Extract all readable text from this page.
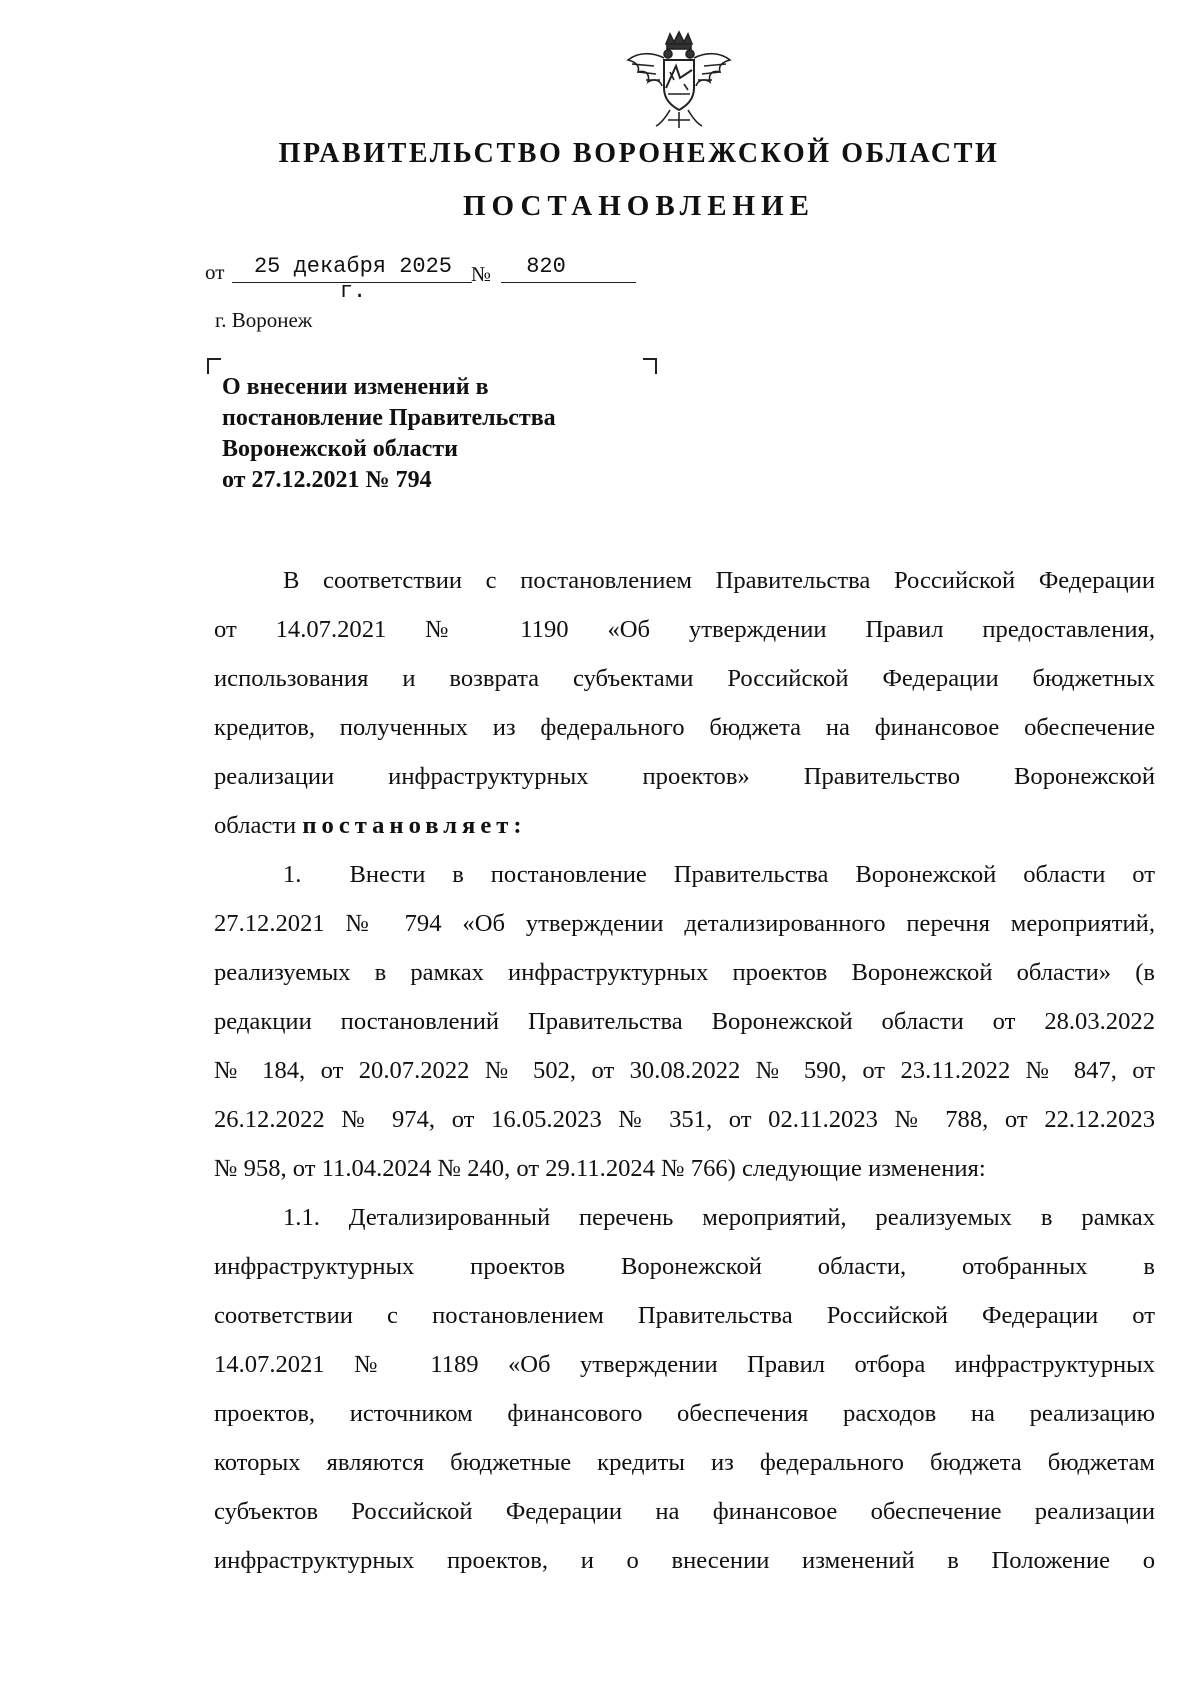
ПРАВИТЕЛЬСТВО ВОРОНЕЖСКОЙ ОБЛАСТИ
ПОСТАНОВЛЕНИЕ
от	25 декабря 2025 г.
№	820
г. Воронеж
О внесении изменений в
постановление Правительства
Воронежской области
от 27.12.2021 № 794
В соответствии с постановлением Правительства Российской Федерации
от 14.07.2021 № 1190 «Об утверждении Правил предоставления,
использования и возврата субъектами Российской Федерации бюджетных
кредитов, полученных из федерального бюджета на финансовое обеспечение
реализации инфраструктурных проектов» Правительство Воронежской
области постановляет:
1. Внести в постановление Правительства Воронежской области от
27.12.2021 № 794 «Об утверждении детализированного перечня мероприятий,
реализуемых в рамках инфраструктурных проектов Воронежской области» (в
редакции постановлений Правительства Воронежской области от 28.03.2022
№ 184, от 20.07.2022 № 502, от 30.08.2022 № 590, от 23.11.2022 № 847, от
26.12.2022 № 974, от 16.05.2023 № 351, от 02.11.2023 № 788, от 22.12.2023
№ 958, от 11.04.2024 № 240, от 29.11.2024 № 766) следующие изменения:
1.1. Детализированный перечень мероприятий, реализуемых в рамках
инфраструктурных проектов Воронежской области, отобранных в
соответствии с постановлением Правительства Российской Федерации от
14.07.2021 № 1189 «Об утверждении Правил отбора инфраструктурных
проектов, источником финансового обеспечения расходов на реализацию
которых являются бюджетные кредиты из федерального бюджета бюджетам
субъектов Российской Федерации на финансовое обеспечение реализации
инфраструктурных проектов, и о внесении изменений в Положение о
